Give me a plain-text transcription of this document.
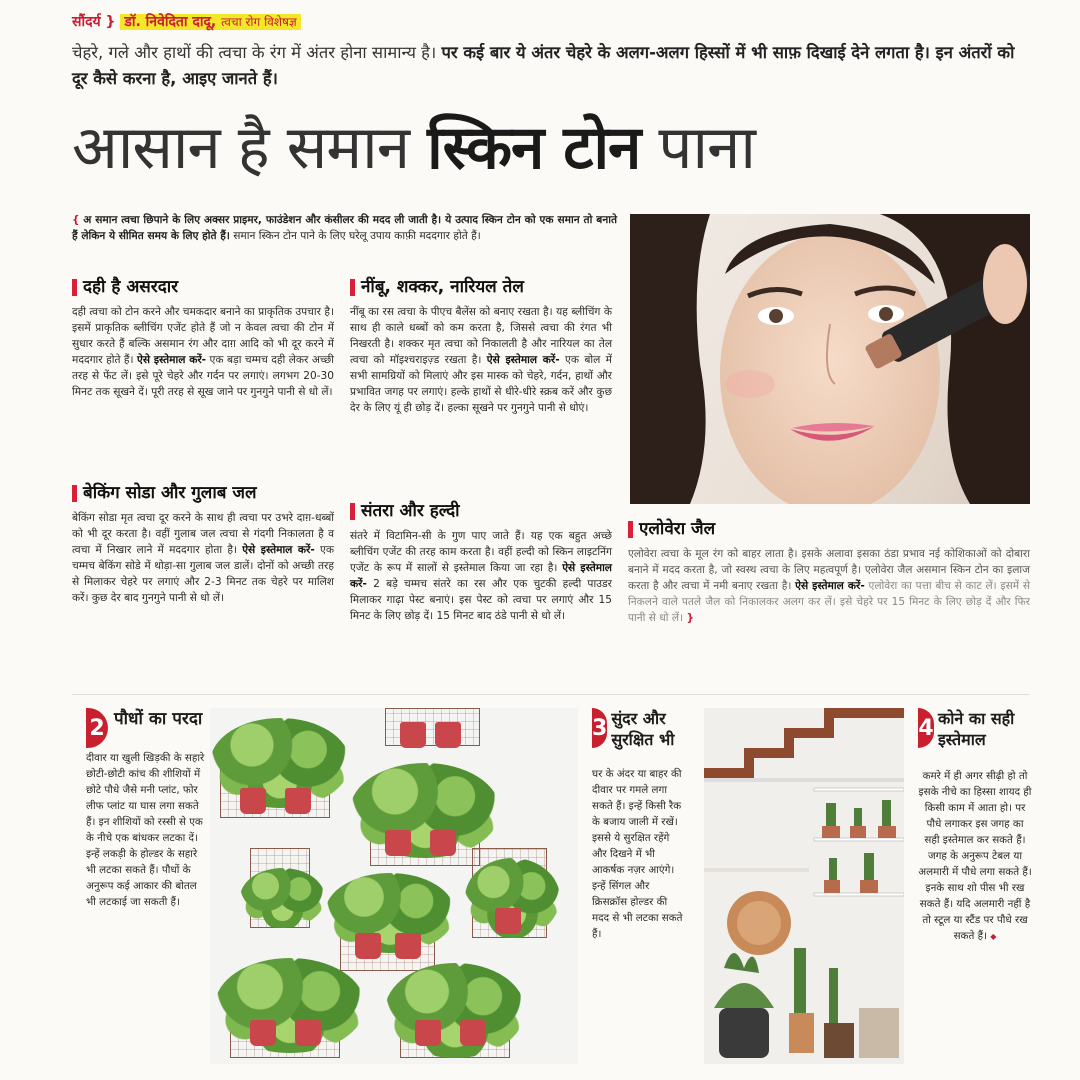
सौंदर्य } डॉ. निवेदिता दादू, त्वचा रोग विशेषज्ञ
चेहरे, गले और हाथों की त्वचा के रंग में अंतर होना सामान्य है। पर कई बार ये अंतर चेहरे के अलग-अलग हिस्सों में भी साफ़ दिखाई देने लगता है। इन अंतरों को दूर कैसे करना है, आइए जानते हैं।
आसान है समान स्किन टोन पाना
{ अ समान त्वचा छिपाने के लिए अक्सर प्राइमर, फाउंडेशन और कंसीलर की मदद ली जाती है। ये उत्पाद स्किन टोन को एक समान तो बनाते हैं लेकिन ये सीमित समय के लिए होते हैं। समान स्किन टोन पाने के लिए घरेलू उपाय काफ़ी मददगार होते हैं।
दही है असरदार
दही त्वचा को टोन करने और चमकदार बनाने का प्राकृतिक उपचार है। इसमें प्राकृतिक ब्लीचिंग एजेंट होते हैं जो न केवल त्वचा की टोन में सुधार करते हैं बल्कि असमान रंग और दाग़ आदि को भी दूर करने में मददगार होते हैं। ऐसे इस्तेमाल करें- एक बड़ा चम्मच दही लेकर अच्छी तरह से फेंट लें। इसे पूरे चेहरे और गर्दन पर लगाएं। लगभग 20-30 मिनट तक सूखने दें। पूरी तरह से सूख जाने पर गुनगुने पानी से धो लें।
बेकिंग सोडा और गुलाब जल
बेकिंग सोडा मृत त्वचा दूर करने के साथ ही त्वचा पर उभरे दाग़-धब्बों को भी दूर करता है। वहीं गुलाब जल त्वचा से गंदगी निकालता है व त्वचा में निखार लाने में मददगार होता है। ऐसे इस्तेमाल करें- एक चम्मच बेकिंग सोडे में थोड़ा-सा गुलाब जल डालें। दोनों को अच्छी तरह से मिलाकर चेहरे पर लगाएं और 2-3 मिनट तक चेहरे पर मालिश करें। कुछ देर बाद गुनगुने पानी से धो लें।
नींबू, शक्कर, नारियल तेल
नींबू का रस त्वचा के पीएच बैलेंस को बनाए रखता है। यह ब्लीचिंग के साथ ही काले धब्बों को कम करता है, जिससे त्वचा की रंगत भी निखरती है। शक्कर मृत त्वचा को निकालती है और नारियल का तेल त्वचा को मॉइश्चराइज़्ड रखता है। ऐसे इस्तेमाल करें- एक बोल में सभी सामग्रियों को मिलाएं और इस मास्क को चेहरे, गर्दन, हाथों और प्रभावित जगह पर लगाएं। हल्के हाथों से धीरे-धीरे स्क्रब करें और कुछ देर के लिए यूं ही छोड़ दें। हल्का सूखने पर गुनगुने पानी से धोएं।
संतरा और हल्दी
संतरे में विटामिन-सी के गुण पाए जाते हैं। यह एक बहुत अच्छे ब्लीचिंग एजेंट की तरह काम करता है। वहीं हल्दी को स्किन लाइटनिंग एजेंट के रूप में सालों से इस्तेमाल किया जा रहा है। ऐसे इस्तेमाल करें- 2 बड़े चम्मच संतरे का रस और एक चुटकी हल्दी पाउडर मिलाकर गाढ़ा पेस्ट बनाएं। इस पेस्ट को त्वचा पर लगाएं और 15 मिनट के लिए छोड़ दें। 15 मिनट बाद ठंडे पानी से धो लें।
एलोवेरा जैल
एलोवेरा त्वचा के मूल रंग को बाहर लाता है। इसके अलावा इसका ठंडा प्रभाव नई कोशिकाओं को दोबारा बनाने में मदद करता है, जो स्वस्थ त्वचा के लिए महत्वपूर्ण है। एलोवेरा जैल असमान स्किन टोन का इलाज करता है और त्वचा में नमी बनाए रखता है। ऐसे इस्तेमाल करें- एलोवेरा का पत्ता बीच से काट लें। इसमें से निकलने वाले पतले जैल को निकालकर अलग कर लें। इसे चेहरे पर 15 मिनट के लिए छोड़ दें और फिर पानी से धो लें। }
2 पौधों का परदा
दीवार या खुली खिड़की के सहारे छोटी-छोटी कांच की शीशियों में छोटे पौधे जैसे मनी प्लांट, फोर लीफ प्लांट या घास लगा सकते हैं। इन शीशियों को रस्सी से एक के नीचे एक बांधकर लटका दें। इन्हें लकड़ी के होल्डर के सहारे भी लटका सकते हैं। पौधों के अनुरूप कई आकार की बोतल भी लटकाई जा सकती हैं।
3 सुंदर और सुरक्षित भी
घर के अंदर या बाहर की दीवार पर गमले लगा सकते हैं। इन्हें किसी रैक के बजाय जाली में रखें। इससे ये सुरक्षित रहेंगे और दिखने में भी आकर्षक नज़र आएंगे। इन्हें सिंगल और क्रिसक्रॉस होल्डर की मदद से भी लटका सकते हैं।
4 कोने का सही इस्तेमाल
कमरे में ही अगर सीढ़ी हो तो इसके नीचे का हिस्सा शायद ही किसी काम में आता हो। पर पौधे लगाकर इस जगह का सही इस्तेमाल कर सकते हैं। जगह के अनुरूप टेबल या अलमारी में पौधे लगा सकते हैं। इनके साथ शो पीस भी रख सकते हैं। यदि अलमारी नहीं है तो स्टूल या स्टैंड पर पौधे रख सकते हैं। ◆
